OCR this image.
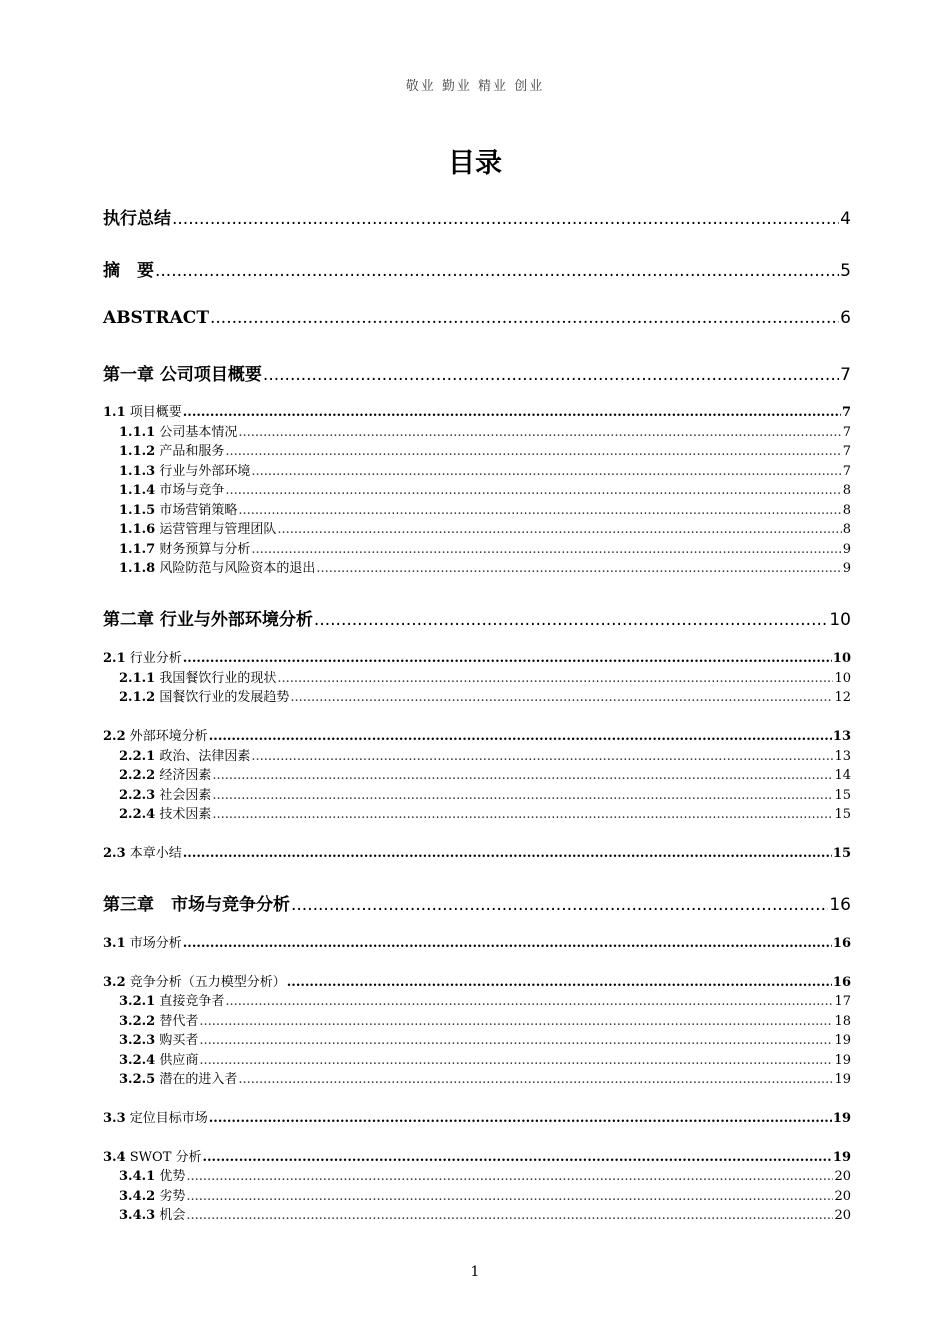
敬业 勤业 精业 创业
目录
执行总结 .....	4
摘　要 .....	5
ABSTRACT .....	6
第一章 公司项目概要 .....	7
1.1 项目概要 .....	7
1.1.1 公司基本情况 .....	7
1.1.2 产品和服务 .....	7
1.1.3 行业与外部环境 .....	7
1.1.4 市场与竞争 .....	8
1.1.5 市场营销策略 .....	8
1.1.6 运营管理与管理团队 .....	8
1.1.7 财务预算与分析 .....	9
1.1.8 风险防范与风险资本的退出 .....	9
第二章 行业与外部环境分析 .....	10
2.1 行业分析 .....	10
2.1.1 我国餐饮行业的现状 .....	10
2.1.2 国餐饮行业的发展趋势 .....	12
2.2 外部环境分析 .....	13
2.2.1 政治、法律因素 .....	13
2.2.2 经济因素 .....	14
2.2.3 社会因素 .....	15
2.2.4 技术因素 .....	15
2.3 本章小结 .....	15
第三章　市场与竞争分析 .....	16
3.1 市场分析 .....	16
3.2 竞争分析（五力模型分析） .....	16
3.2.1 直接竞争者 .....	17
3.2.2 替代者 .....	18
3.2.3 购买者 .....	19
3.2.4 供应商 .....	19
3.2.5 潜在的进入者 .....	19
3.3 定位目标市场 .....	19
3.4 SWOT 分析 .....	19
3.4.1 优势 .....	20
3.4.2 劣势 .....	20
3.4.3 机会 .....	20
1
